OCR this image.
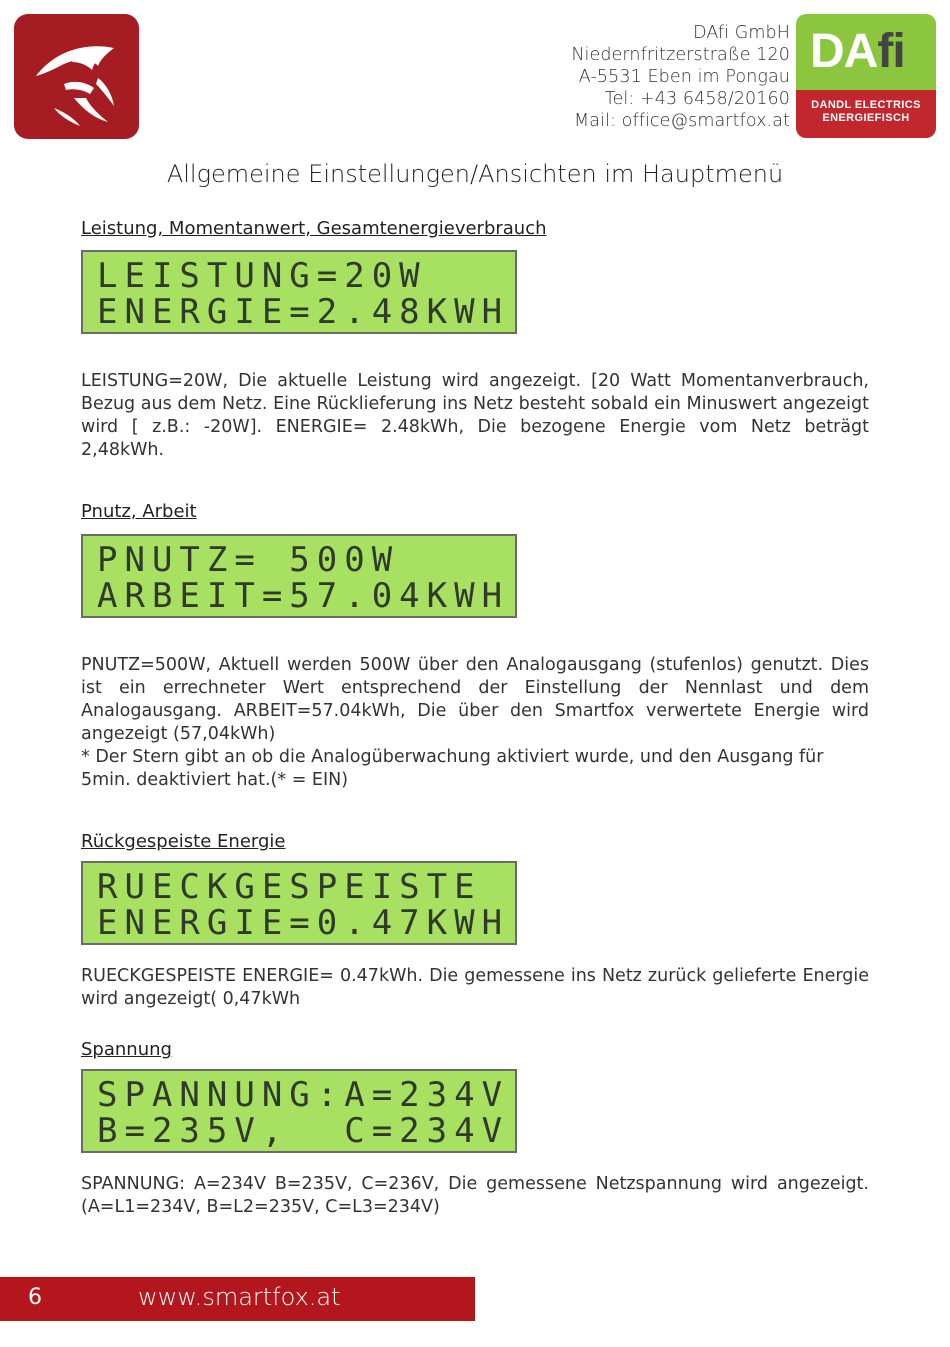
DAfi GmbH
Niedernfritzerstraße 120
A-5531 Eben im Pongau
Tel: +43 6458/20160
Mail: office@smartfox.at
DAfi
DANDL ELECTRICS
ENERGIEFISCH
Allgemeine Einstellungen/Ansichten im Hauptmenü
Leistung, Momentanwert, Gesamtenergieverbrauch
LEISTUNG=20W
ENERGIE=2.48KWH

LEISTUNG=20W, Die aktuelle Leistung wird angezeigt. [20 Watt Momentanverbrauch, Bezug aus dem Netz. Eine Rücklieferung ins Netz besteht sobald ein Minuswert angezeigt wird [ z.B.: -20W]. ENERGIE= 2.48kWh, Die bezogene Energie vom Netz beträgt 2,48kWh.

Pnutz, Arbeit
PNUTZ= 500W
ARBEIT=57.04KWH

PNUTZ=500W, Aktuell werden 500W über den Analogausgang (stufenlos) genutzt. Dies ist ein errechneter Wert entsprechend der Einstellung der Nennlast und dem Analogausgang. ARBEIT=57.04kWh, Die über den Smartfox verwertete Energie wird angezeigt (57,04kWh)

* Der Stern gibt an ob die Analogüberwachung aktiviert wurde, und den Ausgang für 5min. deaktiviert hat.(* = EIN)

Rückgespeiste Energie
RUECKGESPEISTE
ENERGIE=0.47KWH

RUECKGESPEISTE ENERGIE= 0.47kWh. Die gemessene ins Netz zurück gelieferte Energie wird angezeigt( 0,47kWh

Spannung
SPANNUNG:A=234V
B=235V,  C=234V

SPANNUNG: A=234V B=235V, C=236V, Die gemessene Netzspannung wird angezeigt. (A=L1=234V, B=L2=235V, C=L3=234V)

6	www.smartfox.at
